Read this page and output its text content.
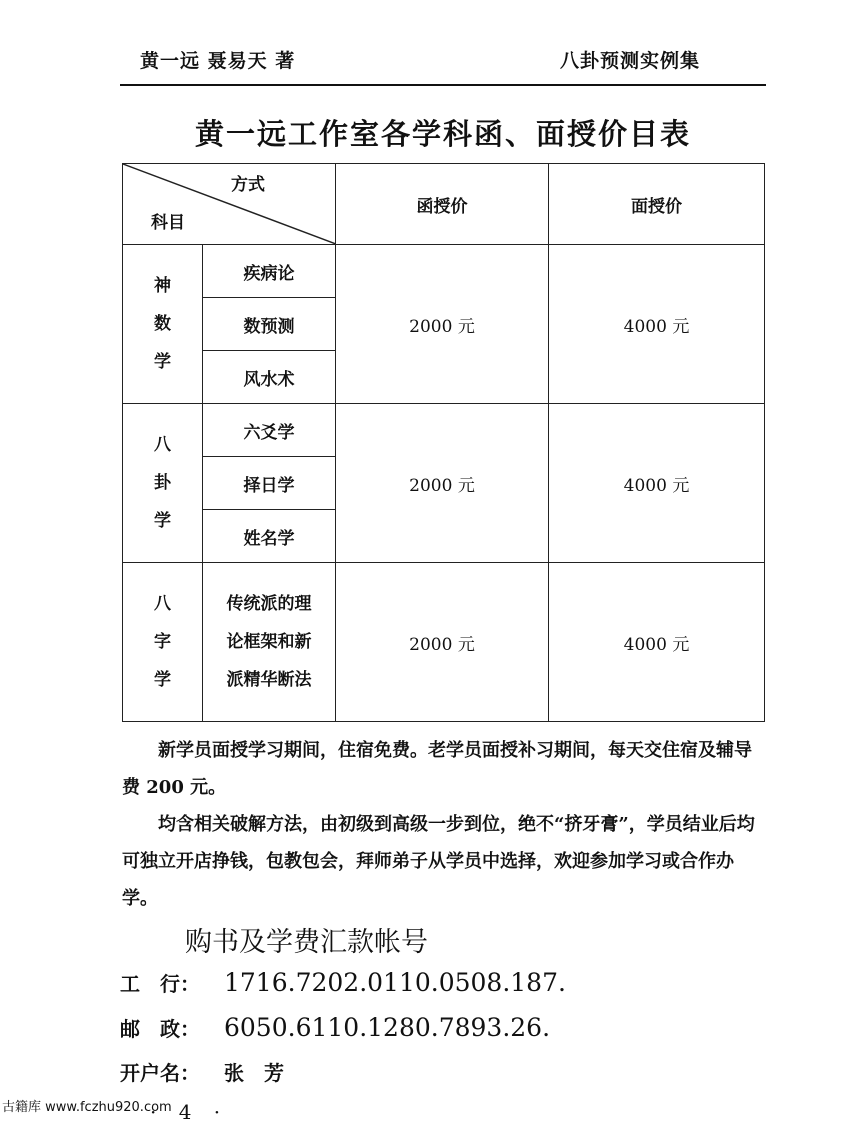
黄一远 聂易天 著	八卦预测实例集
黄一远工作室各学科函、面授价目表
方式
科目		函授价	面授价

神数学	疾病论	2000 元	4000 元
	数预测		
	风水术		

八卦学	六爻学	2000 元	4000 元
	择日学		
	姓名学		

八字学	传统派的理论框架和新派精华断法	2000 元	4000 元
新学员面授学习期间，住宿免费。老学员面授补习期间，每天交住宿及辅导费 200 元。
均含相关破解方法，由初级到高级一步到位，绝不“挤牙膏”，学员结业后均可独立开店挣钱，包教包会，拜师弟子从学员中选择，欢迎参加学习或合作办学。
购书及学费汇款帐号
工　行： 1716.7202.0110.0508.187.
邮　政： 6050.6110.1280.7893.26.
开户名： 张　芳
古籍库 www.fczhu920.com
· 4 ·
